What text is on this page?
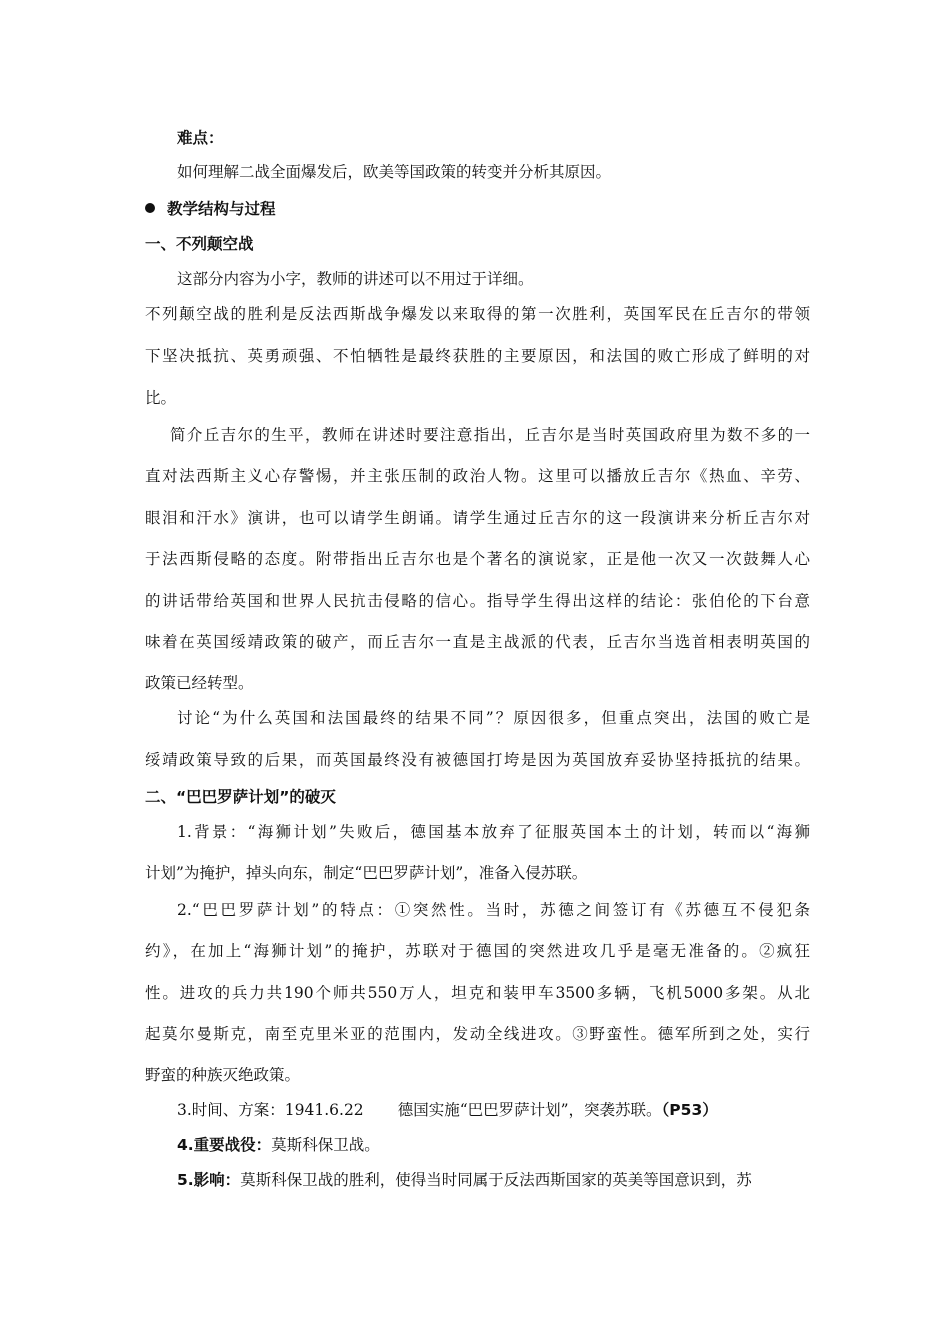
难点：
如何理解二战全面爆发后，欧美等国政策的转变并分析其原因。
教学结构与过程
一、不列颠空战
这部分内容为小字，教师的讲述可以不用过于详细。
不列颠空战的胜利是反法西斯战争爆发以来取得的第一次胜利，英国军民在丘吉尔的带领
下坚决抵抗、英勇顽强、不怕牺牲是最终获胜的主要原因，和法国的败亡形成了鲜明的对
比。
简介丘吉尔的生平，教师在讲述时要注意指出，丘吉尔是当时英国政府里为数不多的一
直对法西斯主义心存警惕，并主张压制的政治人物。这里可以播放丘吉尔《热血、辛劳、
眼泪和汗水》演讲，也可以请学生朗诵。请学生通过丘吉尔的这一段演讲来分析丘吉尔对
于法西斯侵略的态度。附带指出丘吉尔也是个著名的演说家，正是他一次又一次鼓舞人心
的讲话带给英国和世界人民抗击侵略的信心。指导学生得出这样的结论：张伯伦的下台意
味着在英国绥靖政策的破产，而丘吉尔一直是主战派的代表，丘吉尔当选首相表明英国的
政策已经转型。
讨论“为什么英国和法国最终的结果不同”？原因很多，但重点突出，法国的败亡是
绥靖政策导致的后果，而英国最终没有被德国打垮是因为英国放弃妥协坚持抵抗的结果。
二、“巴巴罗萨计划”的破灭
1.背景：“海狮计划”失败后，德国基本放弃了征服英国本土的计划，转而以“海狮
计划”为掩护，掉头向东，制定“巴巴罗萨计划”，准备入侵苏联。
2.“巴巴罗萨计划”的特点：①突然性。当时，苏德之间签订有《苏德互不侵犯条
约》，在加上“海狮计划”的掩护，苏联对于德国的突然进攻几乎是毫无准备的。②疯狂
性。进攻的兵力共190个师共550万人，坦克和装甲车3500多辆，飞机5000多架。从北
起莫尔曼斯克，南至克里米亚的范围内，发动全线进攻。③野蛮性。德军所到之处，实行
野蛮的种族灭绝政策。
3.时间、方案：1941.6.22 德国实施“巴巴罗萨计划”，突袭苏联。（P53）
4.重要战役：莫斯科保卫战。
5.影响：莫斯科保卫战的胜利，使得当时同属于反法西斯国家的英美等国意识到，苏
